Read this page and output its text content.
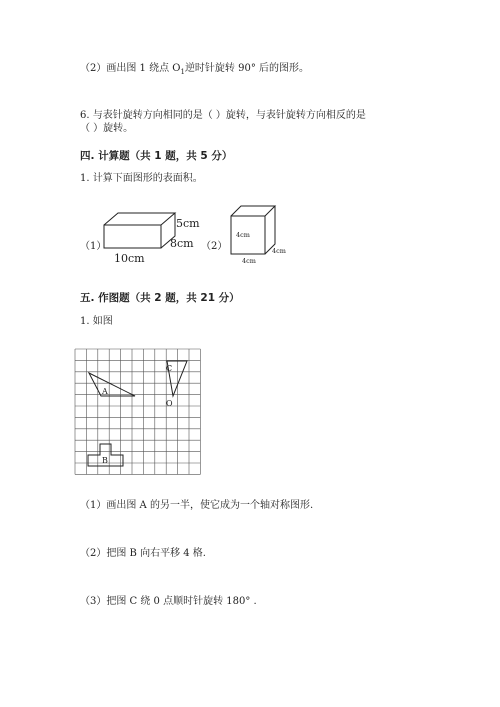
（2）画出图 1 绕点 $O_1$逆时针旋转 90° 后的图形。
6. 与表针旋转方向相同的是（ ）旋转，与表针旋转方向相反的是
（ ）旋转。
四. 计算题（共 1 题，共 5 分）
1. 计算下面图形的表面积。
（1）
5cm
8cm
10cm
（2）
4cm
4cm
4cm
五. 作图题（共 2 题，共 21 分）
1. 如图
A
C
O
B
（1）画出图 A 的另一半，使它成为一个轴对称图形.
（2）把图 B 向右平移 4 格.
（3）把图 C 绕 0 点顺时针旋转 180° .
